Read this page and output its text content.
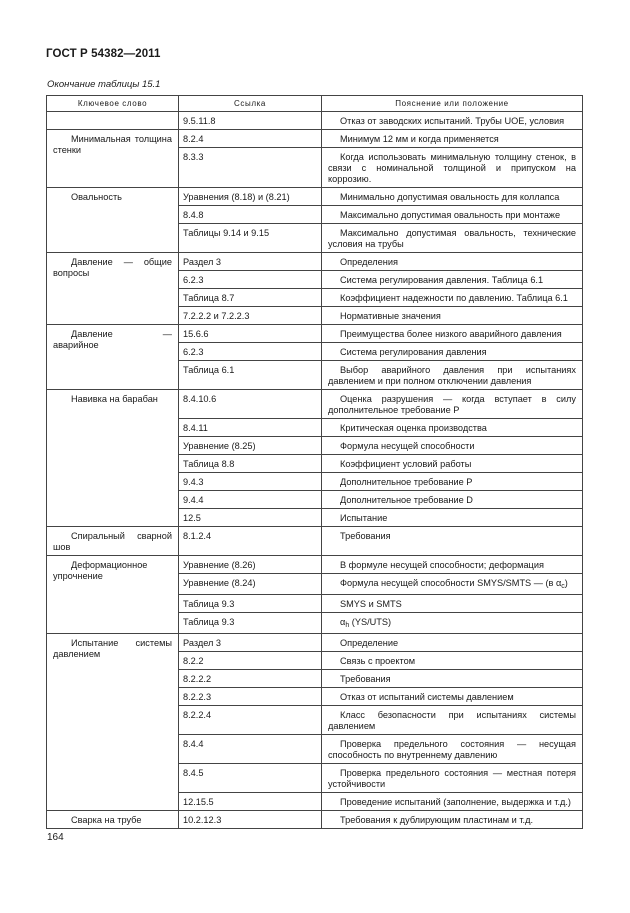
ГОСТ Р 54382—2011
Окончание таблицы 15.1
Ключевое слово	Ссылка	Пояснение или положение

	9.5.11.8	Отказ от заводских испытаний. Трубы UOE, условия

Минимальная толщина стенки	8.2.4	Минимум 12 мм и когда применяется
	8.3.3	Когда использовать минимальную толщину стенок, в связи с номинальной толщиной и припуском на коррозию.

Овальность	Уравнения (8.18) и (8.21)	Минимально допустимая овальность для коллапса
	8.4.8	Максимально допустимая овальность при монтаже
	Таблицы 9.14 и 9.15	Максимально допустимая овальность, технические условия на трубы

Давление — общие вопросы	Раздел 3	Определения
	6.2.3	Система регулирования давления. Таблица 6.1
	Таблица 8.7	Коэффициент надежности по давлению. Таблица 6.1
	7.2.2.2 и 7.2.2.3	Нормативные значения

Давление — аварийное	15.6.6	Преимущества более низкого аварийного давления
	6.2.3	Система регулирования давления
	Таблица 6.1	Выбор аварийного давления при испытаниях давлением и при полном отключении давления

Навивка на барабан	8.4.10.6	Оценка разрушения — когда вступает в силу дополнительное требование Р
	8.4.11	Критическая оценка производства
	Уравнение (8.25)	Формула несущей способности
	Таблица 8.8	Коэффициент условий работы
	9.4.3	Дополнительное требование Р
	9.4.4	Дополнительное требование D
	12.5	Испытание

Спиральный сварной шов	8.1.2.4	Требования

Деформационное упрочнение	Уравнение (8.26)	В формуле несущей способности; деформация
	Уравнение (8.24)	Формула несущей способности SMYS/SMTS — (в $\alpha_c$)
	Таблица 9.3	SMYS и SMTS
	Таблица 9.3	$\alpha_h$ (YS/UTS)

Испытание системы давлением	Раздел 3	Определение
	8.2.2	Связь с проектом
	8.2.2.2	Требования
	8.2.2.3	Отказ от испытаний системы давлением
	8.2.2.4	Класс безопасности при испытаниях системы давлением
	8.4.4	Проверка предельного состояния — несущая способность по внутреннему давлению
	8.4.5	Проверка предельного состояния — местная потеря устойчивости
	12.15.5	Проведение испытаний (заполнение, выдержка и т.д.)

Сварка на трубе	10.2.12.3	Требования к дублирующим пластинам и т.д.
164
